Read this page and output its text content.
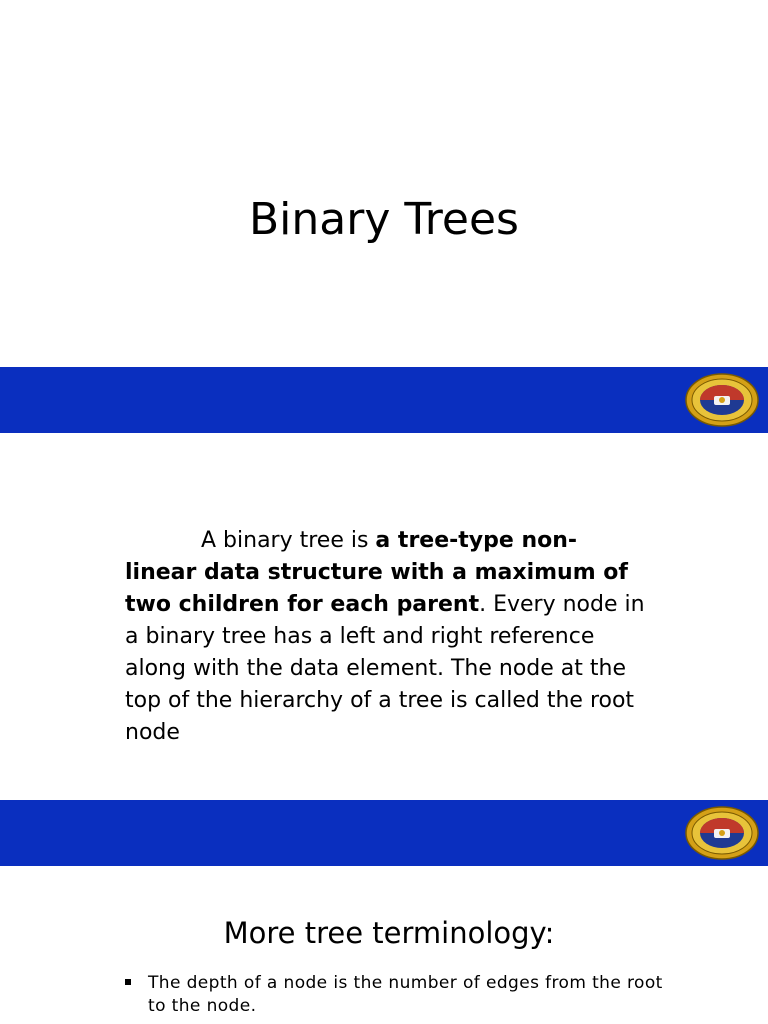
Binary Trees

A binary tree is a tree-type non-linear data structure with a maximum of two children for each parent. Every node in a binary tree has a left and right reference along with the data element. The node at the top of the hierarchy of a tree is called the root node

More tree terminology:
The depth of a node is the number of edges from the root to the node.
